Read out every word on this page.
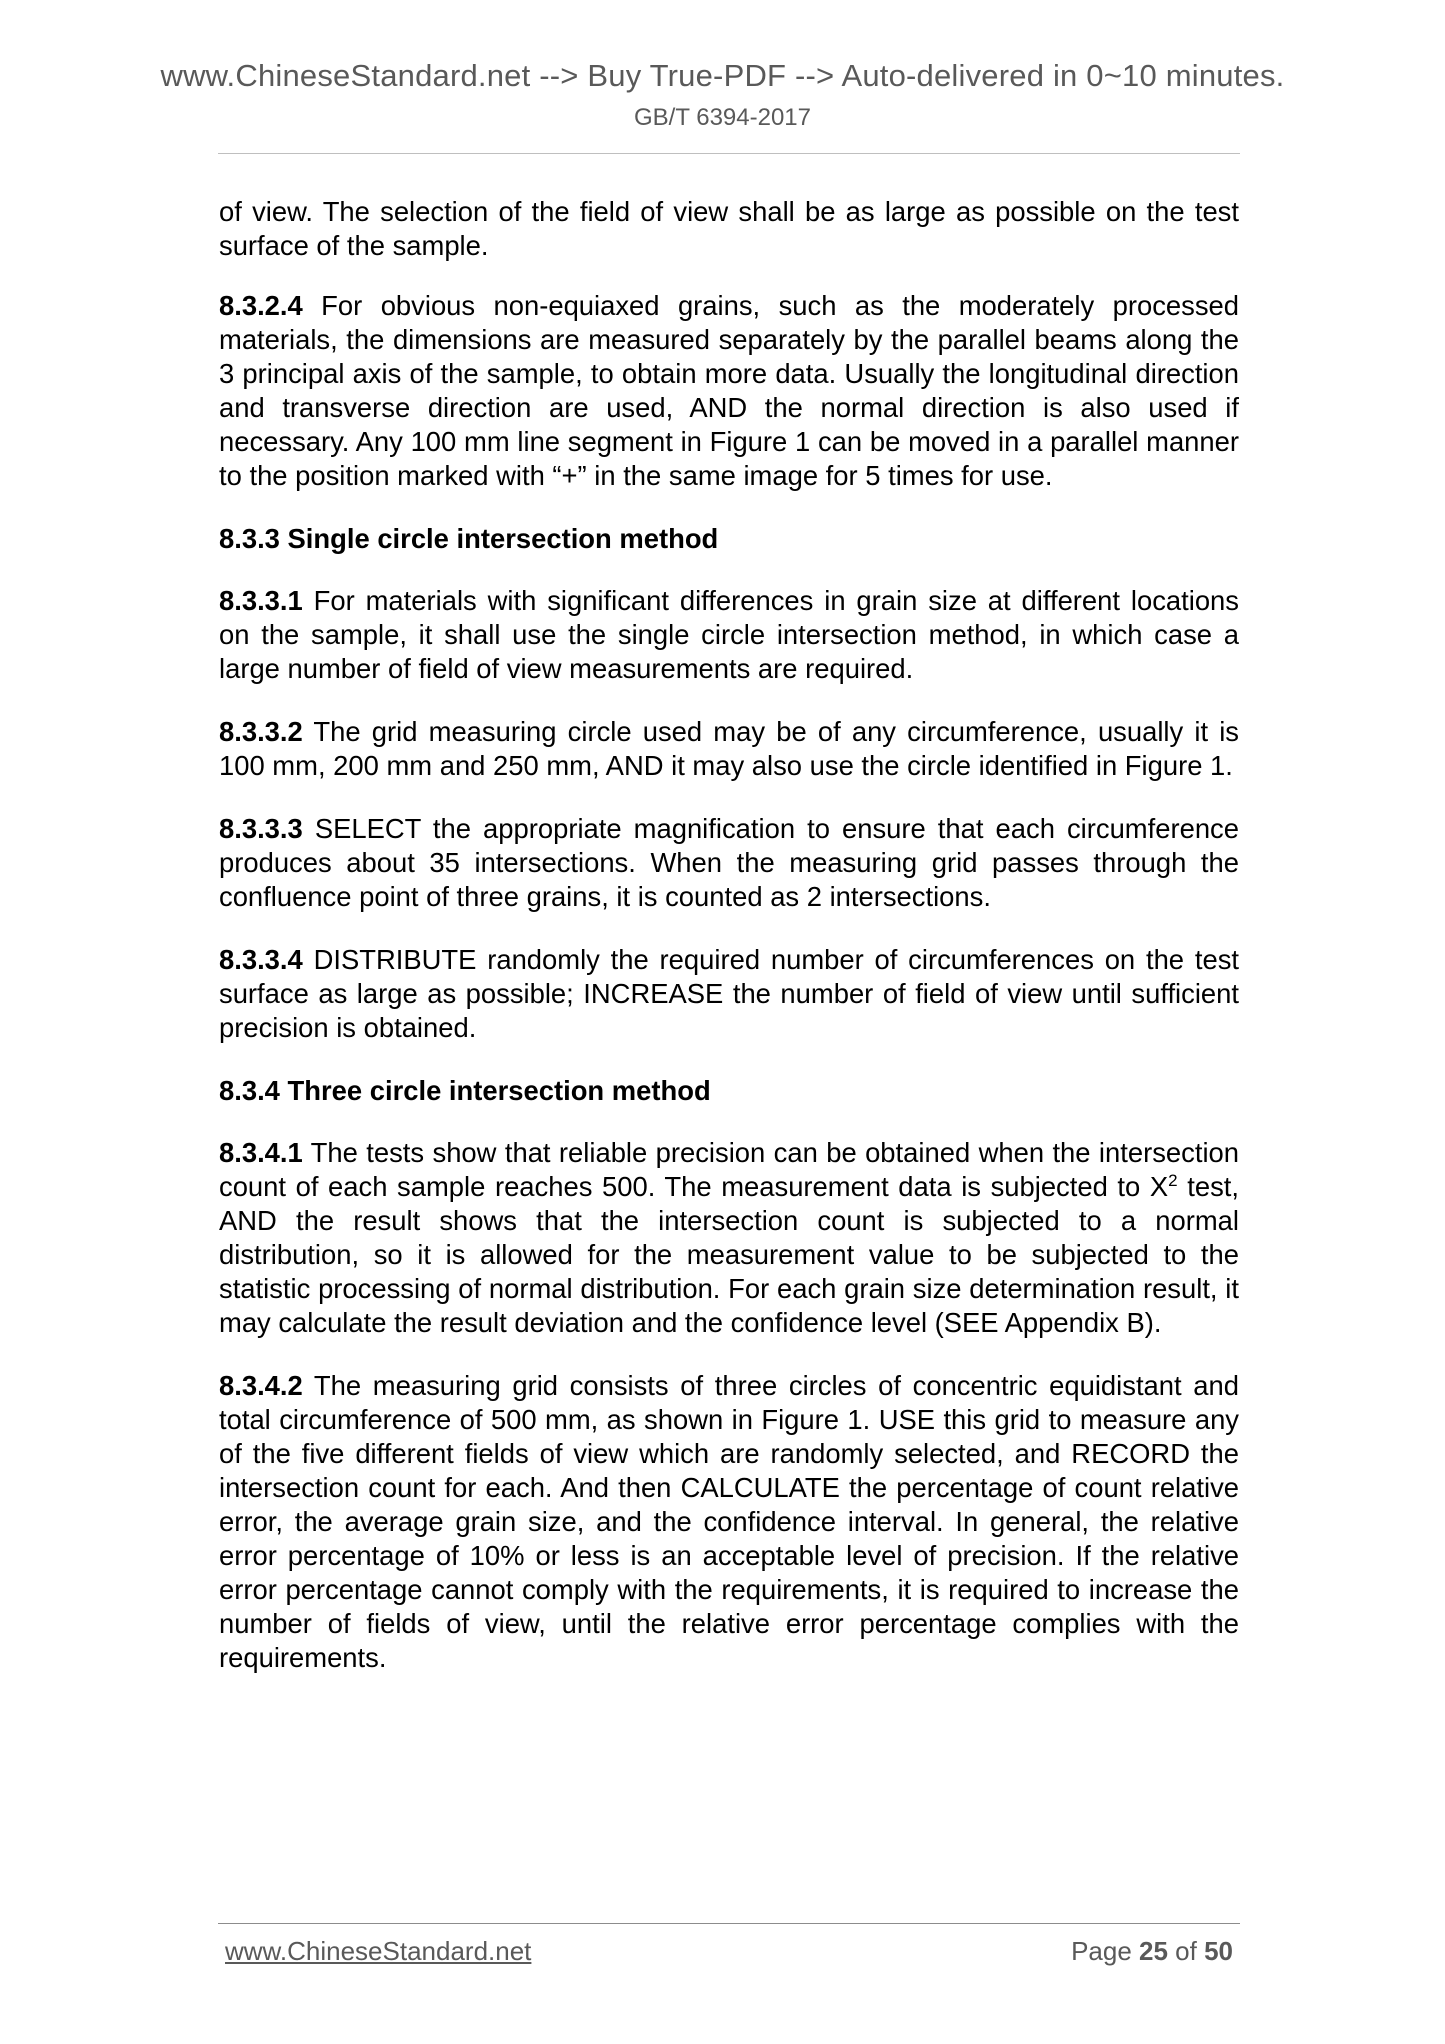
www.ChineseStandard.net --> Buy True-PDF --> Auto-delivered in 0~10 minutes.
GB/T 6394-2017

of view. The selection of the field of view shall be as large as possible on the test surface of the sample.

8.3.2.4 For obvious non-equiaxed grains, such as the moderately processed materials, the dimensions are measured separately by the parallel beams along the 3 principal axis of the sample, to obtain more data. Usually the longitudinal direction and transverse direction are used, AND the normal direction is also used if necessary. Any 100 mm line segment in Figure 1 can be moved in a parallel manner to the position marked with “+” in the same image for 5 times for use.

8.3.3 Single circle intersection method

8.3.3.1 For materials with significant differences in grain size at different locations on the sample, it shall use the single circle intersection method, in which case a large number of field of view measurements are required.

8.3.3.2 The grid measuring circle used may be of any circumference, usually it is 100 mm, 200 mm and 250 mm, AND it may also use the circle identified in Figure 1.

8.3.3.3 SELECT the appropriate magnification to ensure that each circumference produces about 35 intersections. When the measuring grid passes through the confluence point of three grains, it is counted as 2 intersections.

8.3.3.4 DISTRIBUTE randomly the required number of circumferences on the test surface as large as possible; INCREASE the number of field of view until sufficient precision is obtained.

8.3.4 Three circle intersection method

8.3.4.1 The tests show that reliable precision can be obtained when the intersection count of each sample reaches 500. The measurement data is subjected to $X^2$ test, AND the result shows that the intersection count is subjected to a normal distribution, so it is allowed for the measurement value to be subjected to the statistic processing of normal distribution. For each grain size determination result, it may calculate the result deviation and the confidence level (SEE Appendix B).

8.3.4.2 The measuring grid consists of three circles of concentric equidistant and total circumference of 500 mm, as shown in Figure 1. USE this grid to measure any of the five different fields of view which are randomly selected, and RECORD the intersection count for each. And then CALCULATE the percentage of count relative error, the average grain size, and the confidence interval. In general, the relative error percentage of 10% or less is an acceptable level of precision. If the relative error percentage cannot comply with the requirements, it is required to increase the number of fields of view, until the relative error percentage complies with the requirements.

www.ChineseStandard.net	Page 25 of 50
